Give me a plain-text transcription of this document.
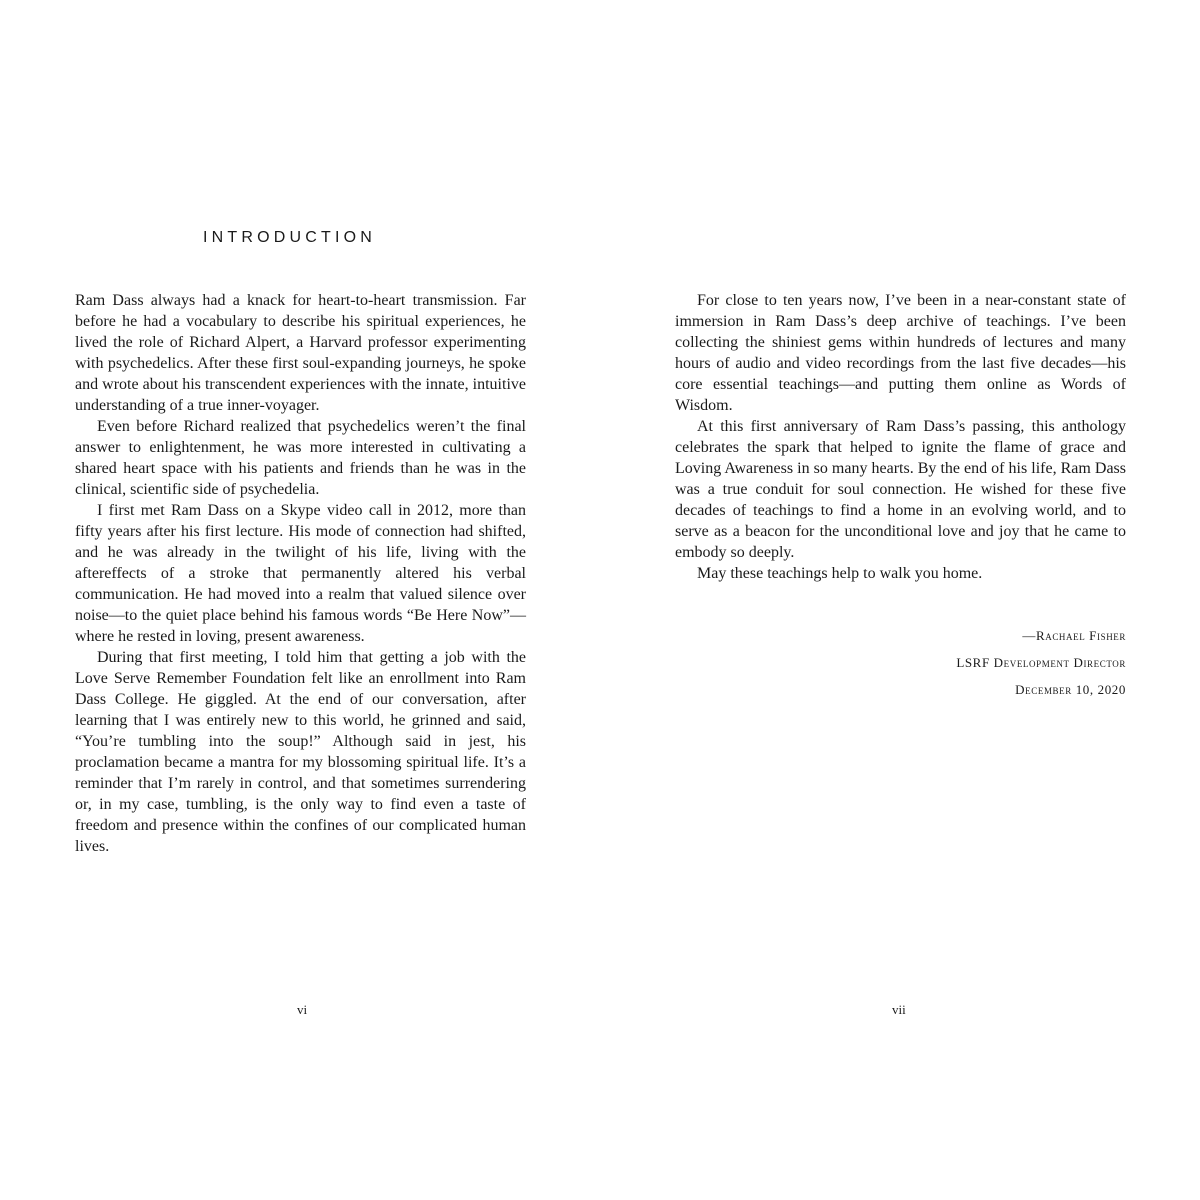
INTRODUCTION

Ram Dass always had a knack for heart-to-heart transmission. Far before he had a vocabulary to describe his spiritual experiences, he lived the role of Richard Alpert, a Harvard professor experimenting with psychedelics. After these first soul-expanding journeys, he spoke and wrote about his transcendent experiences with the innate, intuitive understanding of a true inner-voyager.

Even before Richard realized that psychedelics weren’t the final answer to enlightenment, he was more interested in cultivating a shared heart space with his patients and friends than he was in the clinical, scientific side of psychedelia.

I first met Ram Dass on a Skype video call in 2012, more than fifty years after his first lecture. His mode of connection had shifted, and he was already in the twilight of his life, living with the aftereffects of a stroke that permanently altered his verbal communication. He had moved into a realm that valued silence over noise—to the quiet place behind his famous words “Be Here Now”—where he rested in loving, present awareness.

During that first meeting, I told him that getting a job with the Love Serve Remember Foundation felt like an enrollment into Ram Dass College. He giggled. At the end of our conversation, after learning that I was entirely new to this world, he grinned and said, “You’re tumbling into the soup!” Although said in jest, his proclamation became a mantra for my blossoming spiritual life. It’s a reminder that I’m rarely in control, and that sometimes surrendering or, in my case, tumbling, is the only way to find even a taste of freedom and presence within the confines of our complicated human lives.

vi

For close to ten years now, I’ve been in a near-constant state of immersion in Ram Dass’s deep archive of teachings. I’ve been collecting the shiniest gems within hundreds of lectures and many hours of audio and video recordings from the last five decades—his core essential teachings—and putting them online as Words of Wisdom.

At this first anniversary of Ram Dass’s passing, this anthology celebrates the spark that helped to ignite the flame of grace and Loving Awareness in so many hearts. By the end of his life, Ram Dass was a true conduit for soul connection. He wished for these five decades of teachings to find a home in an evolving world, and to serve as a beacon for the unconditional love and joy that he came to embody so deeply.

May these teachings help to walk you home.

—Rachael Fisher
LSRF Development Director
December 10, 2020
vii
